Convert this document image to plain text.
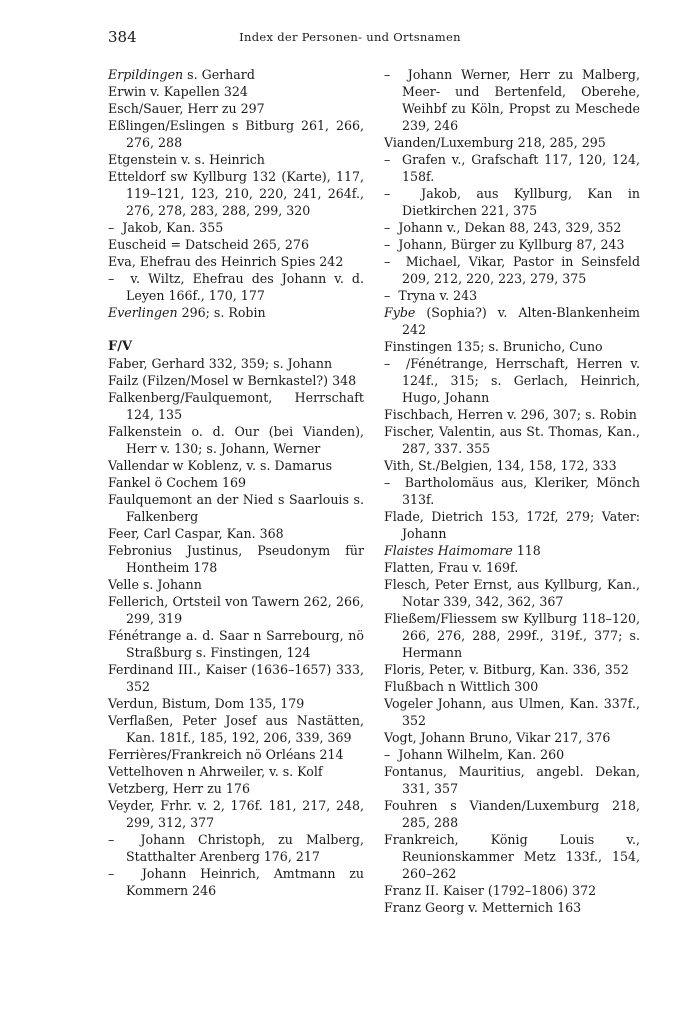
384	Index der Personen- und Ortsnamen

Erpildingen s. Gerhard

Erwin v. Kapellen 324

Esch/Sauer, Herr zu 297

Eßlingen/Eslingen s Bitburg 261, 266, 276, 288

Etgenstein v. s. Heinrich

Etteldorf sw Kyllburg 132 (Karte), 117, 119–121, 123, 210, 220, 241, 264f., 276, 278, 283, 288, 299, 320

–  Jakob, Kan. 355

Euscheid = Datscheid 265, 276

Eva, Ehefrau des Heinrich Spies 242

–  v. Wiltz, Ehefrau des Johann v. d. Leyen 166f., 170, 177

Everlingen 296; s. Robin

F/V

Faber, Gerhard 332, 359; s. Johann

Failz (Filzen/Mosel w Bernkastel?) 348

Falkenberg/Faulquemont, Herrschaft 124, 135

Falkenstein o. d. Our (bei Vianden), Herr v. 130; s. Johann, Werner

Vallendar w Koblenz, v. s. Damarus

Fankel ö Cochem 169

Faulquemont an der Nied s Saarlouis s. Falkenberg

Feer, Carl Caspar, Kan. 368

Febronius Justinus, Pseudonym für Hontheim 178

Velle s. Johann

Fellerich, Ortsteil von Tawern 262, 266, 299, 319

Fénétrange a. d. Saar n Sarrebourg, nö Straßburg s. Finstingen, 124

Ferdinand III., Kaiser (1636–1657) 333, 352

Verdun, Bistum, Dom 135, 179

Verflaßen, Peter Josef aus Nastätten, Kan. 181f., 185, 192, 206, 339, 369

Ferrières/Frankreich nö Orléans 214

Vettelhoven n Ahrweiler, v. s. Kolf

Vetzberg, Herr zu 176

Veyder, Frhr. v. 2, 176f. 181, 217, 248, 299, 312, 377

–  Johann Christoph, zu Malberg, Statthalter Arenberg 176, 217

–  Johann Heinrich, Amtmann zu Kommern 246

–  Johann Werner, Herr zu Malberg, Meer- und Bertenfeld, Oberehe, Weihbf zu Köln, Propst zu Meschede 239, 246

Vianden/Luxemburg 218, 285, 295

–  Grafen v., Grafschaft 117, 120, 124, 158f.

–  Jakob, aus Kyllburg, Kan in Dietkirchen 221, 375

–  Johann v., Dekan 88, 243, 329, 352

–  Johann, Bürger zu Kyllburg 87, 243

–  Michael, Vikar, Pastor in Seinsfeld 209, 212, 220, 223, 279, 375

–  Tryna v. 243

Fybe (Sophia?) v. Alten-Blankenheim 242

Finstingen 135; s. Brunicho, Cuno

–  /Fénétrange, Herrschaft, Herren v. 124f., 315; s. Gerlach, Heinrich, Hugo, Johann

Fischbach, Herren v. 296, 307; s. Robin

Fischer, Valentin, aus St. Thomas, Kan., 287, 337. 355

Vith, St./Belgien, 134, 158, 172, 333

–  Bartholomäus aus, Kleriker, Mönch 313f.

Flade, Dietrich 153, 172f, 279; Vater: Johann

Flaistes Haimomare 118

Flatten, Frau v. 169f.

Flesch, Peter Ernst, aus Kyllburg, Kan., Notar 339, 342, 362, 367

Fließem/Fliessem sw Kyllburg 118–120, 266, 276, 288, 299f., 319f., 377; s. Hermann

Floris, Peter, v. Bitburg, Kan. 336, 352

Flußbach n Wittlich 300

Vogeler Johann, aus Ulmen, Kan. 337f., 352

Vogt, Johann Bruno, Vikar 217, 376

–  Johann Wilhelm, Kan. 260

Fontanus, Mauritius, angebl. Dekan, 331, 357

Fouhren s Vianden/Luxemburg 218, 285, 288

Frankreich, König Louis v., Reunionskammer Metz 133f., 154, 260–262

Franz II. Kaiser (1792–1806) 372

Franz Georg v. Metternich 163
